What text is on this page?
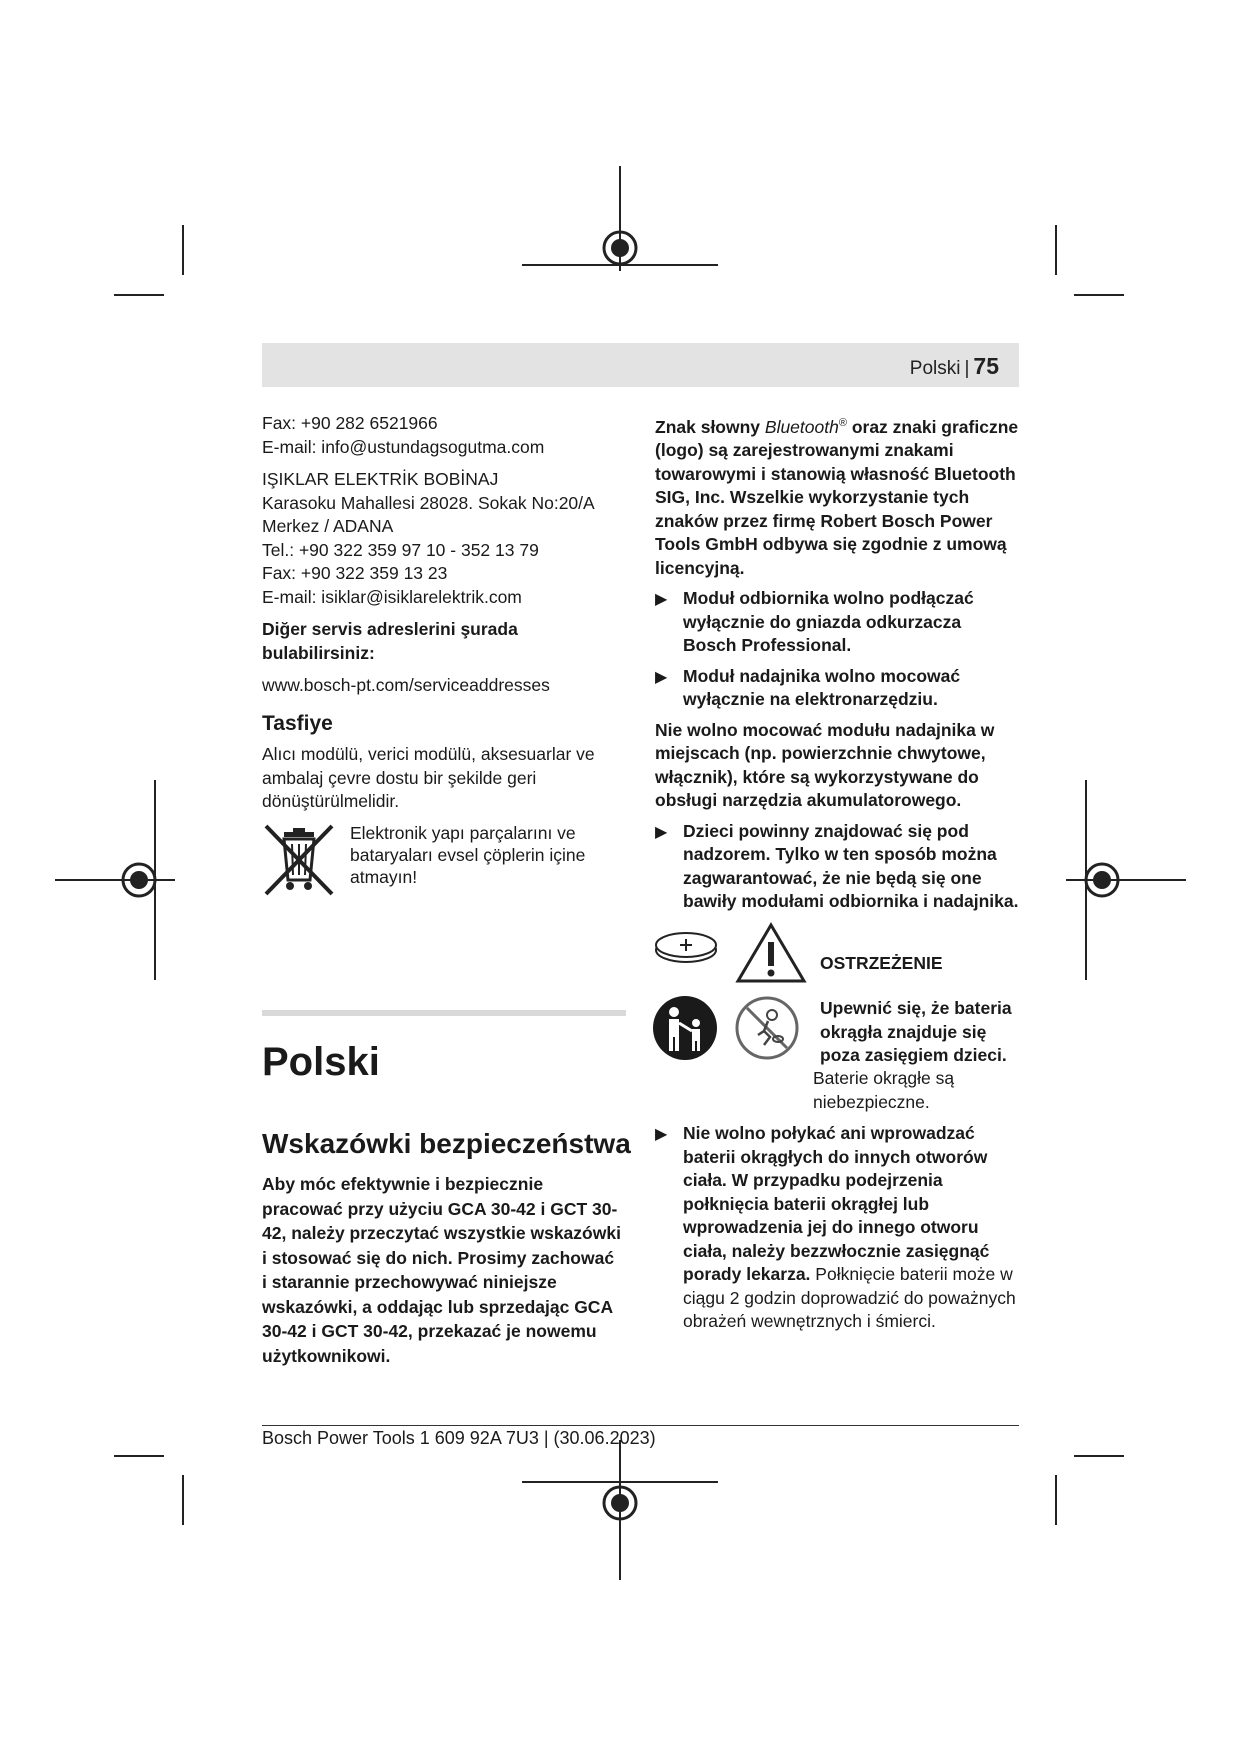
Polski | 75

Fax: +90 282 6521966

E-mail: info@ustundagsogutma.com

IŞIKLAR ELEKTRİK BOBİNAJ

Karasoku Mahallesi 28028. Sokak No:20/A

Merkez / ADANA

Tel.: +90 322 359 97 10 - 352 13 79

Fax: +90 322 359 13 23

E-mail: isiklar@isiklarelektrik.com

Diğer servis adreslerini şurada bulabilirsiniz:

www.bosch-pt.com/serviceaddresses

Tasfiye

Alıcı modülü, verici modülü, aksesuarlar ve ambalaj çevre dostu bir şekilde geri dönüştürülmelidir.

Elektronik yapı parçalarını ve bataryaları evsel çöplerin içine atmayın!

Polski
Wskazówki bezpieczeństwa
Aby móc efektywnie i bezpiecznie pracować przy użyciu GCA 30-42 i GCT 30-42, należy przeczytać wszystkie wskazówki i stosować się do nich. Prosimy zachować i starannie przechowywać niniejsze wskazówki, a oddając lub sprzedając GCA 30-42 i GCT 30-42, przekazać je nowemu użytkownikowi.

Znak słowny Bluetooth® oraz znaki graficzne (logo) są zarejestrowanymi znakami towarowymi i stanowią własność Bluetooth SIG, Inc. Wszelkie wykorzystanie tych znaków przez firmę Robert Bosch Power Tools GmbH odbywa się zgodnie z umową licencyjną.

▶ Moduł odbiornika wolno podłączać wyłącznie do gniazda odkurzacza Bosch Professional.
▶ Moduł nadajnika wolno mocować wyłącznie na elektronarzędziu.

Nie wolno mocować modułu nadajnika w miejscach (np. powierzchnie chwytowe, włącznik), które są wykorzystywane do obsługi narzędzia akumulatorowego.

▶ Dzieci powinny znajdować się pod nadzorem. Tylko w ten sposób można zagwarantować, że nie będą się one bawiły modułami odbiornika i nadajnika.
OSTRZEŻENIE
Upewnić się, że bateria okrągła znajduje się poza zasięgiem dzieci.
Baterie okrągłe są niebezpieczne.
▶ Nie wolno połykać ani wprowadzać baterii okrągłych do innych otworów ciała. W przypadku podejrzenia połknięcia baterii okrągłej lub wprowadzenia jej do innego otworu ciała, należy bezzwłocznie zasięgnąć porady lekarza. Połknięcie baterii może w ciągu 2 godzin doprowadzić do poważnych obrażeń wewnętrznych i śmierci.
Bosch Power Tools 1 609 92A 7U3 | (30.06.2023)
